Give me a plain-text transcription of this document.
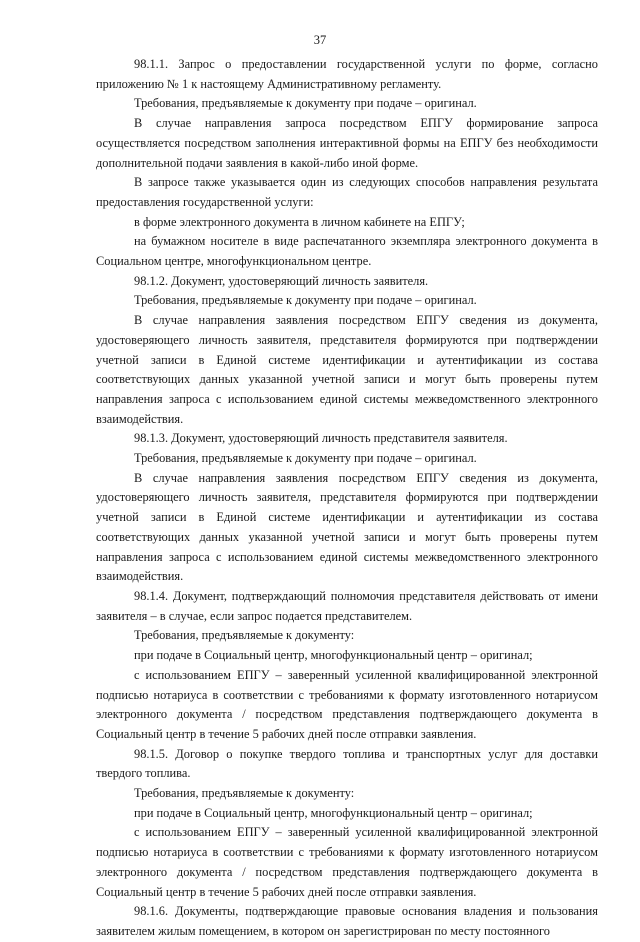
37

98.1.1. Запрос о предоставлении государственной услуги по форме, согласно приложению № 1 к настоящему Административному регламенту.

Требования, предъявляемые к документу при подаче – оригинал.

В случае направления запроса посредством ЕПГУ формирование запроса осуществляется посредством заполнения интерактивной формы на ЕПГУ без необходимости дополнительной подачи заявления в какой-либо иной форме.

В запросе также указывается один из следующих способов направления результата предоставления государственной услуги:

в форме электронного документа в личном кабинете на ЕПГУ;

на бумажном носителе в виде распечатанного экземпляра электронного документа в Социальном центре, многофункциональном центре.

98.1.2. Документ, удостоверяющий личность заявителя.

Требования, предъявляемые к документу при подаче – оригинал.

В случае направления заявления посредством ЕПГУ сведения из документа, удостоверяющего личность заявителя, представителя формируются при подтверждении учетной записи в Единой системе идентификации и аутентификации из состава соответствующих данных указанной учетной записи и могут быть проверены путем направления запроса с использованием единой системы межведомственного электронного взаимодействия.

98.1.3. Документ, удостоверяющий личность представителя заявителя.

Требования, предъявляемые к документу при подаче – оригинал.

В случае направления заявления посредством ЕПГУ сведения из документа, удостоверяющего личность заявителя, представителя формируются при подтверждении учетной записи в Единой системе идентификации и аутентификации из состава соответствующих данных указанной учетной записи и могут быть проверены путем направления запроса с использованием единой системы межведомственного электронного взаимодействия.

98.1.4. Документ, подтверждающий полномочия представителя действовать от имени заявителя – в случае, если запрос подается представителем.

Требования, предъявляемые к документу:

при подаче в Социальный центр, многофункциональный центр – оригинал;

с использованием ЕПГУ – заверенный усиленной квалифицированной электронной подписью нотариуса в соответствии с требованиями к формату изготовленного нотариусом электронного документа / посредством представления подтверждающего документа в Социальный центр в течение 5 рабочих дней после отправки заявления.

98.1.5. Договор о покупке твердого топлива и транспортных услуг для доставки твердого топлива.

Требования, предъявляемые к документу:

при подаче в Социальный центр, многофункциональный центр – оригинал;

с использованием ЕПГУ – заверенный усиленной квалифицированной электронной подписью нотариуса в соответствии с требованиями к формату изготовленного нотариусом электронного документа / посредством представления подтверждающего документа в Социальный центр в течение 5 рабочих дней после отправки заявления.

98.1.6. Документы, подтверждающие правовые основания владения и пользования заявителем жилым помещением, в котором он зарегистрирован по месту постоянного
